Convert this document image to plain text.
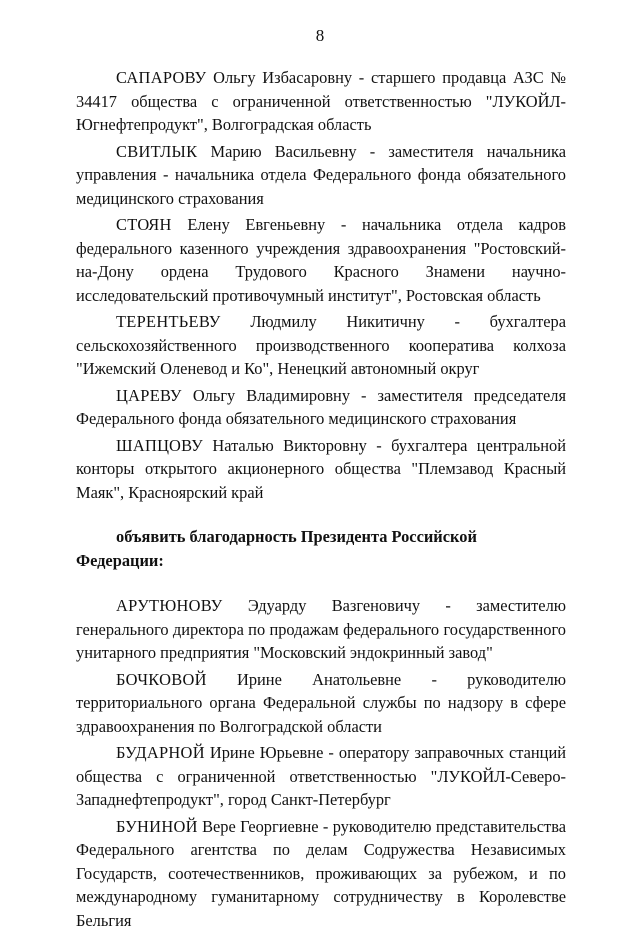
8

САПАРОВУ Ольгу Избасаровну - старшего продавца АЗС № 34417 общества с ограниченной ответственностью "ЛУКОЙЛ-Югнефтепродукт", Волгоградская область

СВИТЛЫК Марию Васильевну - заместителя начальника управления - начальника отдела Федерального фонда обязательного медицинского страхования

СТОЯН Елену Евгеньевну - начальника отдела кадров федерального казенного учреждения здравоохранения "Ростовский-на-Дону ордена Трудового Красного Знамени научно-исследовательский противочумный институт", Ростовская область

ТЕРЕНТЬЕВУ Людмилу Никитичну - бухгалтера сельскохозяйственного производственного кооператива колхоза "Ижемский Оленевод и Ко", Ненецкий автономный округ

ЦАРЕВУ Ольгу Владимировну - заместителя председателя Федерального фонда обязательного медицинского страхования

ШАПЦОВУ Наталью Викторовну - бухгалтера центральной конторы открытого акционерного общества "Племзавод Красный Маяк", Красноярский край

объявить благодарность Президента Российской Федерации:

АРУТЮНОВУ Эдуарду Вазгеновичу - заместителю генерального директора по продажам федерального государственного унитарного предприятия "Московский эндокринный завод"

БОЧКОВОЙ Ирине Анатольевне - руководителю территориального органа Федеральной службы по надзору в сфере здравоохранения по Волгоградской области

БУДАРНОЙ Ирине Юрьевне - оператору заправочных станций общества с ограниченной ответственностью "ЛУКОЙЛ-Северо-Западнефтепродукт", город Санкт-Петербург

БУНИНОЙ Вере Георгиевне - руководителю представительства Федерального агентства по делам Содружества Независимых Государств, соотечественников, проживающих за рубежом, и по международному гуманитарному сотрудничеству в Королевстве Бельгия
